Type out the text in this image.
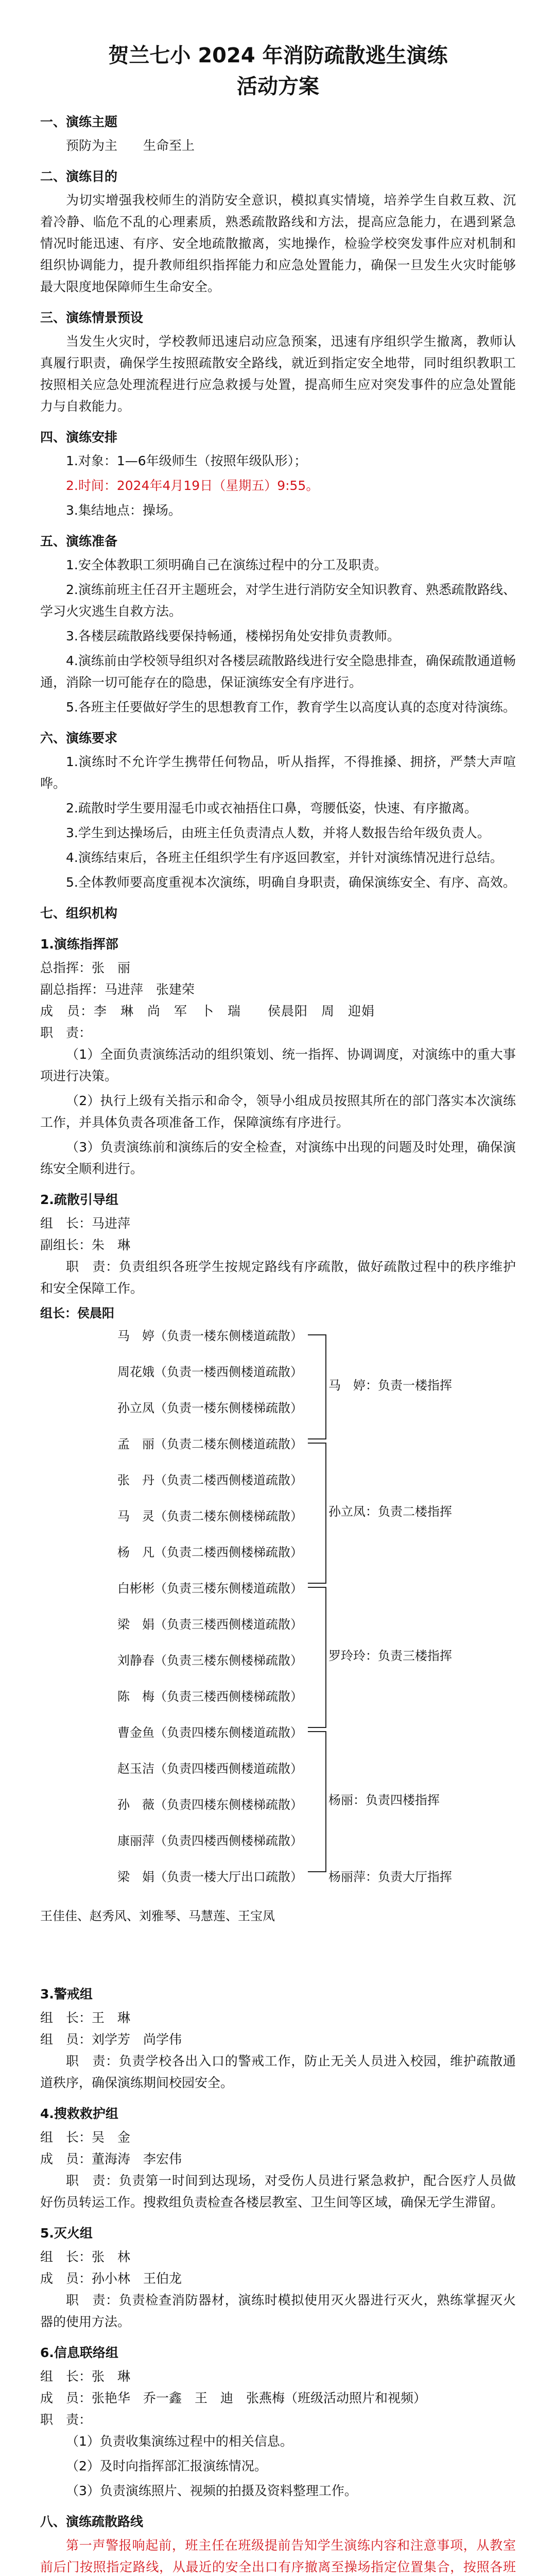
贺兰七小 2024 年消防疏散逃生演练
活动方案
一、演练主题

预防为主　　生命至上

二、演练目的

为切实增强我校师生的消防安全意识，模拟真实情境，培养学生自救互救、沉着冷静、临危不乱的心理素质，熟悉疏散路线和方法，提高应急能力，在遇到紧急情况时能迅速、有序、安全地疏散撤离，实地操作，检验学校突发事件应对机制和组织协调能力，提升教师组织指挥能力和应急处置能力，确保一旦发生火灾时能够最大限度地保障师生生命安全。

三、演练情景预设

当发生火灾时，学校教师迅速启动应急预案，迅速有序组织学生撤离，教师认真履行职责，确保学生按照疏散安全路线，就近到指定安全地带，同时组织教职工按照相关应急处理流程进行应急救援与处置，提高师生应对突发事件的应急处置能力与自救能力。

四、演练安排

1.对象：1—6年级师生（按照年级队形）；

2.时间：2024年4月19日（星期五）9:55。

3.集结地点：操场。

五、演练准备

1.安全体教职工须明确自己在演练过程中的分工及职责。

2.演练前班主任召开主题班会，对学生进行消防安全知识教育、熟悉疏散路线、学习火灾逃生自救方法。

3.各楼层疏散路线要保持畅通，楼梯拐角处安排负责教师。

4.演练前由学校领导组织对各楼层疏散路线进行安全隐患排查，确保疏散通道畅通，消除一切可能存在的隐患，保证演练安全有序进行。

5.各班主任要做好学生的思想教育工作，教育学生以高度认真的态度对待演练。

六、演练要求

1.演练时不允许学生携带任何物品，听从指挥，不得推搡、拥挤，严禁大声喧哗。

2.疏散时学生要用湿毛巾或衣袖捂住口鼻，弯腰低姿，快速、有序撤离。

3.学生到达操场后，由班主任负责清点人数，并将人数报告给年级负责人。

4.演练结束后，各班主任组织学生有序返回教室，并针对演练情况进行总结。

5.全体教师要高度重视本次演练，明确自身职责，确保演练安全、有序、高效。

七、组织机构
1.演练指挥部

总指挥：张　丽

副总指挥：马进萍　张建荣

成　员：李　琳　尚　军　卜　瑞　　侯晨阳　周　迎娟

职　责：

（1）全面负责演练活动的组织策划、统一指挥、协调调度，对演练中的重大事项进行决策。

（2）执行上级有关指示和命令，领导小组成员按照其所在的部门落实本次演练工作，并具体负责各项准备工作，保障演练有序进行。

（3）负责演练前和演练后的安全检查，对演练中出现的问题及时处理，确保演练安全顺利进行。

2.疏散引导组

组　长：马进萍

副组长：朱　琳

职　责：负责组织各班学生按规定路线有序疏散，做好疏散过程中的秩序维护和安全保障工作。

组长：侯晨阳
马　婷（负责一楼东侧楼道疏散）
周花娥（负责一楼西侧楼道疏散）
孙立凤（负责一楼东侧楼梯疏散）
孟　丽（负责二楼东侧楼道疏散）
张　丹（负责二楼西侧楼道疏散）
马　灵（负责二楼东侧楼梯疏散）
杨　凡（负责二楼西侧楼梯疏散）
白彬彬（负责三楼东侧楼道疏散）
梁　娟（负责三楼西侧楼道疏散）
刘静春（负责三楼东侧楼梯疏散）
陈　梅（负责三楼西侧楼梯疏散）
曹金鱼（负责四楼东侧楼道疏散）
赵玉洁（负责四楼西侧楼道疏散）
孙　薇（负责四楼东侧楼梯疏散）
康丽萍（负责四楼西侧楼梯疏散）
梁　娟（负责一楼大厅出口疏散）
马　婷：负责一楼指挥
孙立凤：负责二楼指挥
罗玲玲：负责三楼指挥
杨丽：负责四楼指挥
杨丽萍：负责大厅指挥
王佳佳、赵秀风、刘雅琴、马慧莲、王宝凤
3.警戒组

组　长：王　琳

组　员：刘学芳　尚学伟

职　责：负责学校各出入口的警戒工作，防止无关人员进入校园，维护疏散通道秩序，确保演练期间校园安全。

4.搜救救护组

组　长：吴　金

成　员：董海涛　李宏伟

职　责：负责第一时间到达现场，对受伤人员进行紧急救护，配合医疗人员做好伤员转运工作。搜救组负责检查各楼层教室、卫生间等区域，确保无学生滞留。

5.灭火组

组　长：张　林

成　员：孙小林　王伯龙

职　责：负责检查消防器材，演练时模拟使用灭火器进行灭火，熟练掌握灭火器的使用方法。

6.信息联络组

组　长：张　琳

成　员：张艳华　乔一鑫　王　迪　张燕梅（班级活动照片和视频）

职　责：

（1）负责收集演练过程中的相关信息。

（2）及时向指挥部汇报演练情况。

（3）负责演练照片、视频的拍摄及资料整理工作。

八、演练疏散路线

第一声警报响起前，班主任在班级提前告知学生演练内容和注意事项，从教室前后门按照指定路线，从最近的安全出口有序撤离至操场指定位置集合，按照各班
